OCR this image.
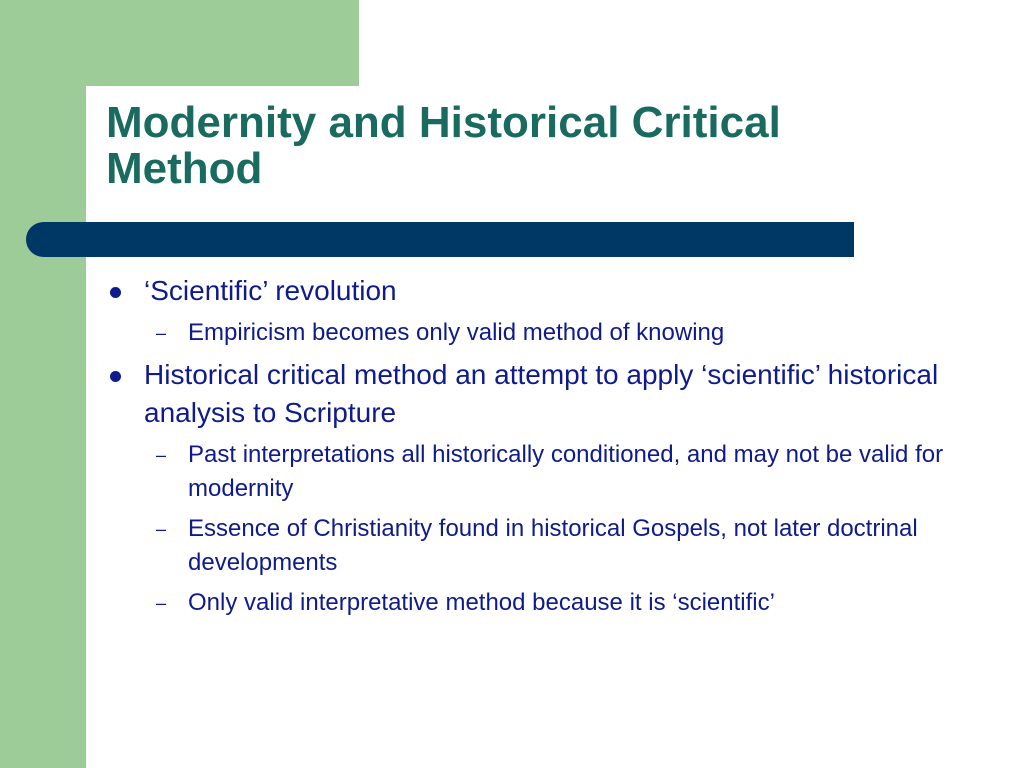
Modernity and Historical Critical
Method
‘Scientific’ revolution
– Empiricism becomes only valid method of knowing
Historical critical method an attempt to apply ‘scientific’ historical analysis to Scripture
– Past interpretations all historically conditioned, and may not be valid for modernity
– Essence of Christianity found in historical Gospels, not later doctrinal developments
– Only valid interpretative method because it is ‘scientific’
